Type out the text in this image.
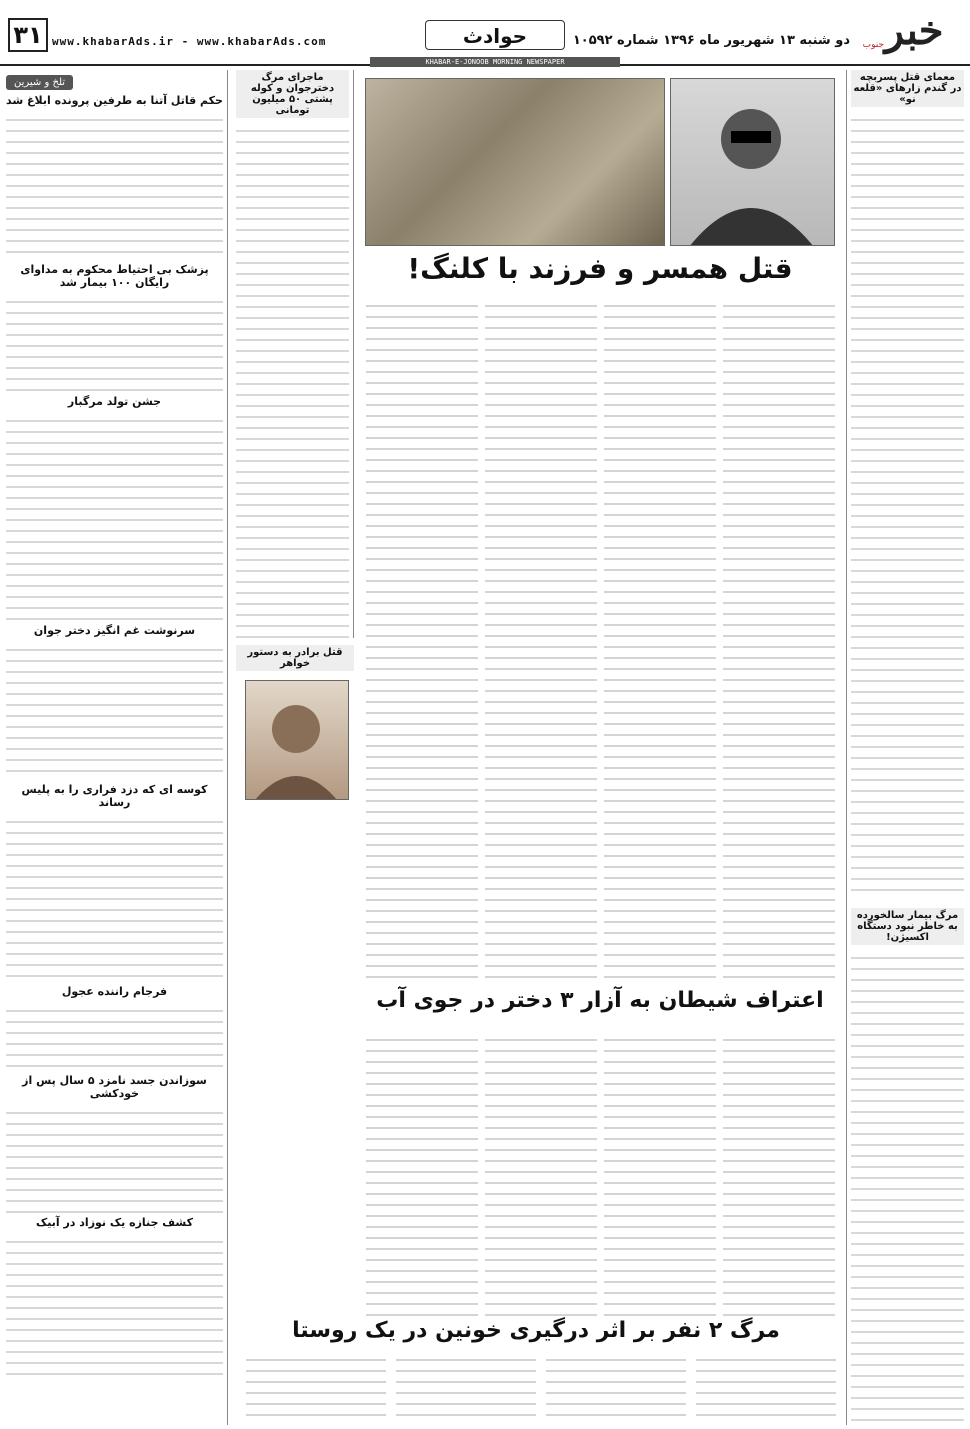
خبر
جنوب
دو شنبه ۱۳ شهریور ماه ۱۳۹۶ شماره ۱۰۵۹۲
حوادث
www.khabarAds.ir - www.khabarAds.com
۳۱
KHABAR-E-JONOOB MORNING NEWSPAPER
معمای قتل پسربچه در گندم زارهای «قلعه نو»
مرگ بیمار سالخورده به خاطر نبود دستگاه اکسیژن!
قتل همسر و فرزند با کلنگ!
ماجرای مرگ دخترجوان و کوله پشتی ۵۰ میلیون تومانی
قتل برادر به دستور خواهر
اعتراف شیطان به آزار ۳ دختر در جوی آب
مرگ ۲ نفر بر اثر درگیری خونین در یک روستا
تلخ و شیرین
حکم قاتل آتنا به طرفین پرونده ابلاغ شد
پزشک بی احتیاط محکوم به مداوای رایگان ۱۰۰ بیمار شد
جشن تولد مرگبار
سرنوشت غم انگیز دختر جوان
کوسه ای که دزد فراری را به پلیس رساند
فرجام راننده عجول
سوزاندن جسد نامزد ۵ سال پس از خودکشی
کشف جنازه یک نوزاد در آبیک
